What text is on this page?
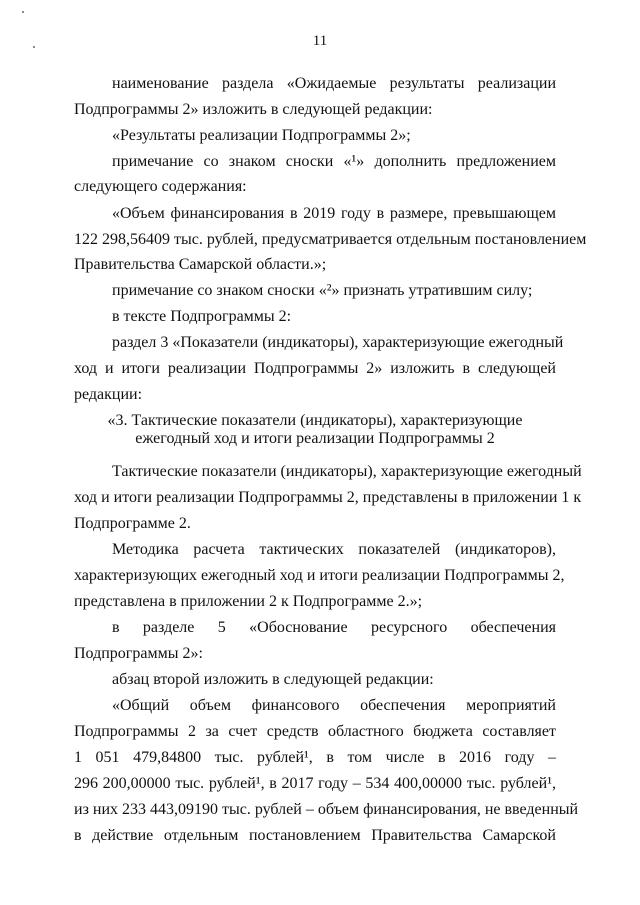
11
наименование раздела «Ожидаемые результаты реализации
Подпрограммы 2» изложить в следующей редакции:
«Результаты реализации Подпрограммы 2»;
примечание со знаком сноски «¹» дополнить предложением
следующего содержания:
«Объем финансирования в 2019 году в размере, превышающем
122 298,56409 тыс. рублей, предусматривается отдельным постановлением
Правительства Самарской области.»;
примечание со знаком сноски «²» признать утратившим силу;
в тексте Подпрограммы 2:
раздел 3 «Показатели (индикаторы), характеризующие ежегодный
ход и итоги реализации Подпрограммы 2» изложить в следующей
редакции:
«3. Тактические показатели (индикаторы), характеризующие
ежегодный ход и итоги реализации Подпрограммы 2
Тактические показатели (индикаторы), характеризующие ежегодный
ход и итоги реализации Подпрограммы 2, представлены в приложении 1 к
Подпрограмме 2.
Методика расчета тактических показателей (индикаторов),
характеризующих ежегодный ход и итоги реализации Подпрограммы 2,
представлена в приложении 2 к Подпрограмме 2.»;
в разделе 5 «Обоснование ресурсного обеспечения
Подпрограммы 2»:
абзац второй изложить в следующей редакции:
«Общий объем финансового обеспечения мероприятий
Подпрограммы 2 за счет средств областного бюджета составляет
1 051 479,84800 тыс. рублей¹, в том числе в 2016 году –
296 200,00000 тыс. рублей¹, в 2017 году – 534 400,00000 тыс. рублей¹,
из них 233 443,09190 тыс. рублей – объем финансирования, не введенный
в действие отдельным постановлением Правительства Самарской
